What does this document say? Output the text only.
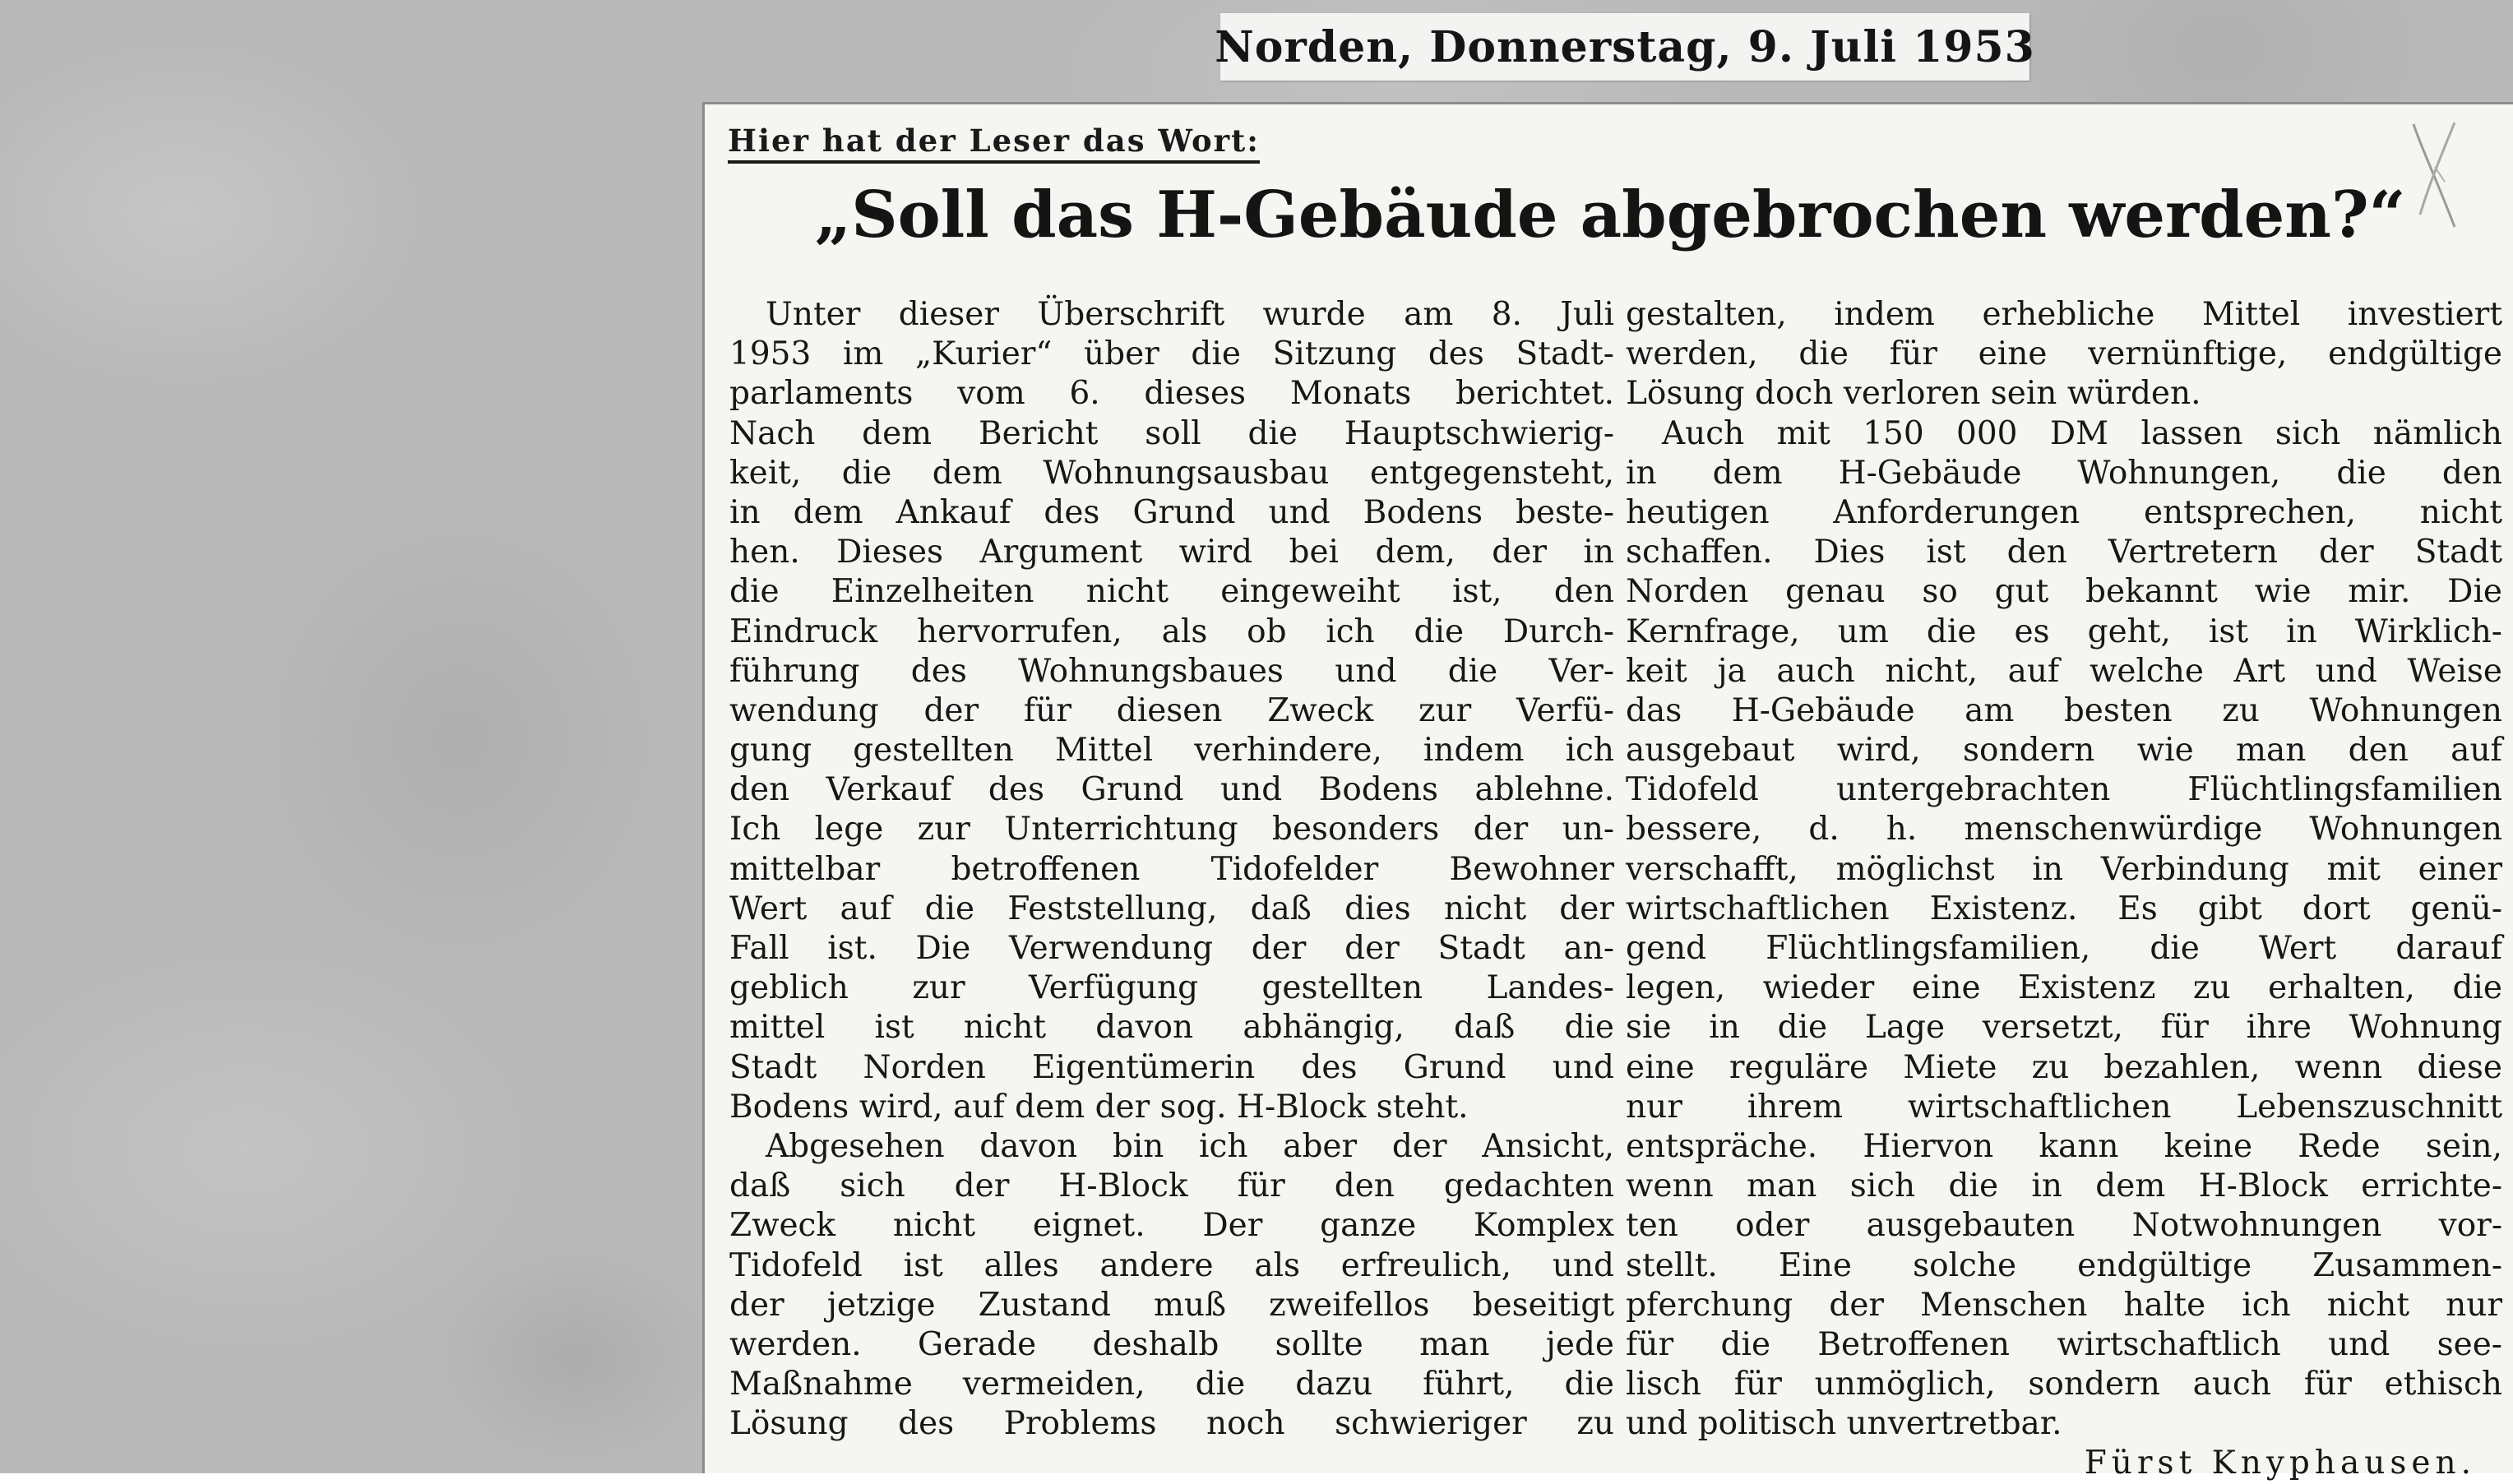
Norden, Donnerstag, 9. Juli 1953
Hier hat der Leser das Wort:
„Soll das H-Gebäude abgebrochen werden?“
Unter dieser Überschrift wurde am 8. Juli
1953 im „Kurier“ über die Sitzung des Stadt-
parlaments vom 6. dieses Monats berichtet.
Nach dem Bericht soll die Hauptschwierig-
keit, die dem Wohnungsausbau entgegensteht,
in dem Ankauf des Grund und Bodens beste-
hen. Dieses Argument wird bei dem, der in
die Einzelheiten nicht eingeweiht ist, den
Eindruck hervorrufen, als ob ich die Durch-
führung des Wohnungsbaues und die Ver-
wendung der für diesen Zweck zur Verfü-
gung gestellten Mittel verhindere, indem ich
den Verkauf des Grund und Bodens ablehne.
Ich lege zur Unterrichtung besonders der un-
mittelbar betroffenen Tidofelder Bewohner
Wert auf die Feststellung, daß dies nicht der
Fall ist. Die Verwendung der der Stadt an-
geblich zur Verfügung gestellten Landes-
mittel ist nicht davon abhängig, daß die
Stadt Norden Eigentümerin des Grund und
Bodens wird, auf dem der sog. H-Block steht.
Abgesehen davon bin ich aber der Ansicht,
daß sich der H-Block für den gedachten
Zweck nicht eignet. Der ganze Komplex
Tidofeld ist alles andere als erfreulich, und
der jetzige Zustand muß zweifellos beseitigt
werden. Gerade deshalb sollte man jede
Maßnahme vermeiden, die dazu führt, die
Lösung des Problems noch schwieriger zu
gestalten, indem erhebliche Mittel investiert
werden, die für eine vernünftige, endgültige
Lösung doch verloren sein würden.
Auch mit 150 000 DM lassen sich nämlich
in dem H-Gebäude Wohnungen, die den
heutigen Anforderungen entsprechen, nicht
schaffen. Dies ist den Vertretern der Stadt
Norden genau so gut bekannt wie mir. Die
Kernfrage, um die es geht, ist in Wirklich-
keit ja auch nicht, auf welche Art und Weise
das H-Gebäude am besten zu Wohnungen
ausgebaut wird, sondern wie man den auf
Tidofeld untergebrachten Flüchtlingsfamilien
bessere, d. h. menschenwürdige Wohnungen
verschafft, möglichst in Verbindung mit einer
wirtschaftlichen Existenz. Es gibt dort genü-
gend Flüchtlingsfamilien, die Wert darauf
legen, wieder eine Existenz zu erhalten, die
sie in die Lage versetzt, für ihre Wohnung
eine reguläre Miete zu bezahlen, wenn diese
nur ihrem wirtschaftlichen Lebenszuschnitt
entspräche. Hiervon kann keine Rede sein,
wenn man sich die in dem H-Block errichte-
ten oder ausgebauten Notwohnungen vor-
stellt. Eine solche endgültige Zusammen-
pferchung der Menschen halte ich nicht nur
für die Betroffenen wirtschaftlich und see-
lisch für unmöglich, sondern auch für ethisch
und politisch unvertretbar.
Fürst Knyphausen.
